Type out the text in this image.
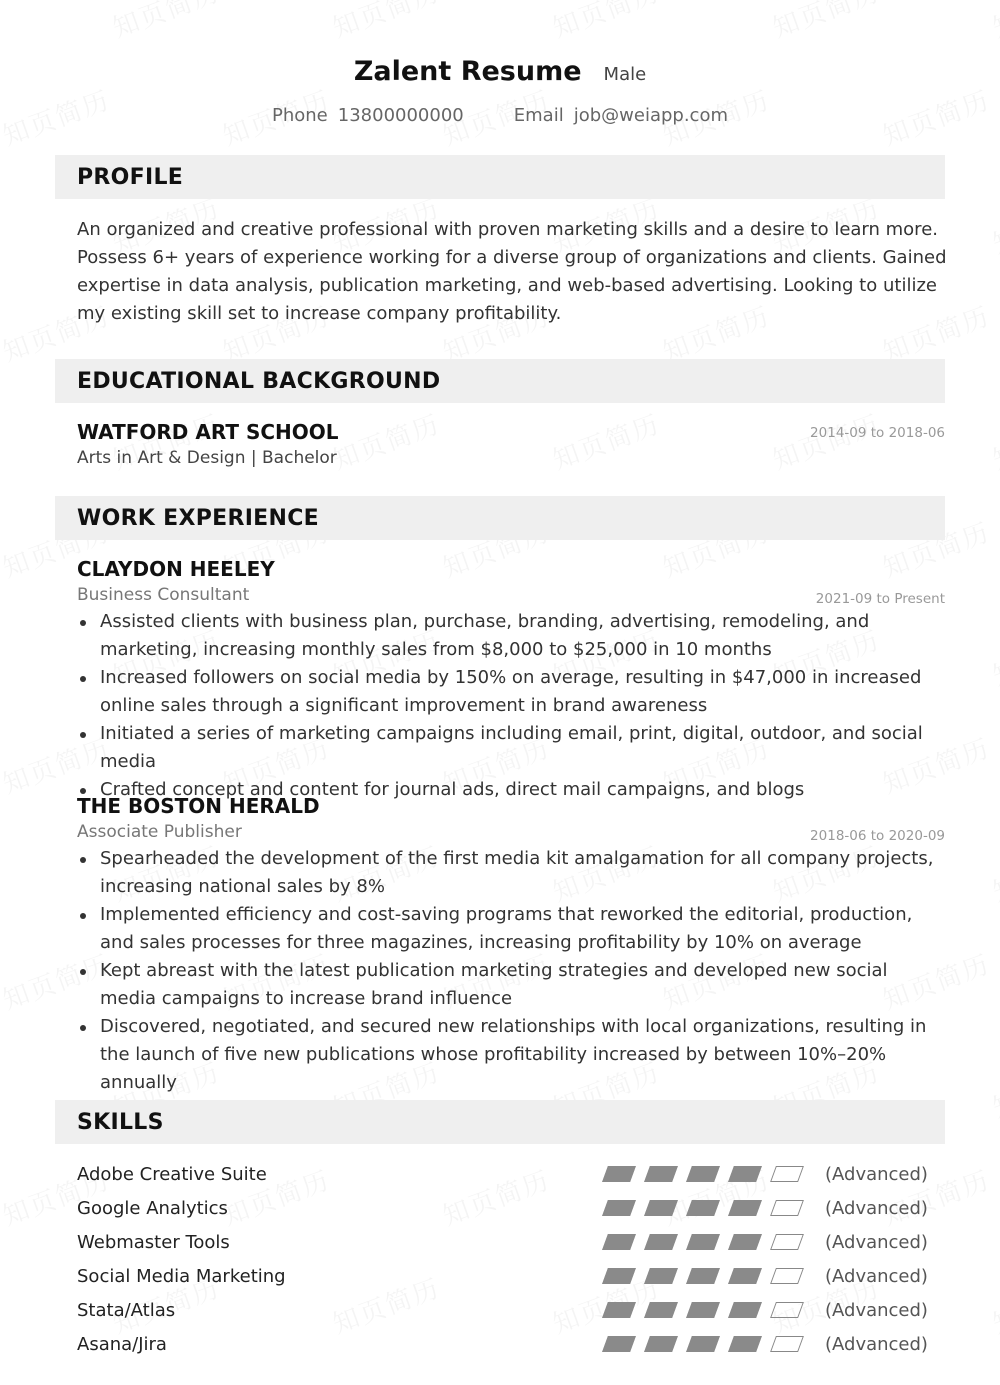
Zalent Resume Male
Phone 13800000000	Email job@weiapp.com
PROFILE
An organized and creative professional with proven marketing skills and a desire to learn more. Possess 6+ years of experience working for a diverse group of organizations and clients. Gained expertise in data analysis, publication marketing, and web-based advertising. Looking to utilize my existing skill set to increase company profitability.
EDUCATIONAL BACKGROUND
WATFORD ART SCHOOL	2014-09 to 2018-06
Arts in Art & Design | Bachelor
WORK EXPERIENCE
CLAYDON HEELEY
Business Consultant	2021-09 to Present
Assisted clients with business plan, purchase, branding, advertising, remodeling, and marketing, increasing monthly sales from $8,000 to $25,000 in 10 months
Increased followers on social media by 150% on average, resulting in $47,000 in increased online sales through a significant improvement in brand awareness
Initiated a series of marketing campaigns including email, print, digital, outdoor, and social media
Crafted concept and content for journal ads, direct mail campaigns, and blogs
THE BOSTON HERALD
Associate Publisher	2018-06 to 2020-09
Spearheaded the development of the first media kit amalgamation for all company projects, increasing national sales by 8%
Implemented efficiency and cost-saving programs that reworked the editorial, production, and sales processes for three magazines, increasing profitability by 10% on average
Kept abreast with the latest publication marketing strategies and developed new social media campaigns to increase brand influence
Discovered, negotiated, and secured new relationships with local organizations, resulting in the launch of five new publications whose profitability increased by between 10%–20% annually
SKILLS
Adobe Creative Suite	(Advanced)
Google Analytics	(Advanced)
Webmaster Tools	(Advanced)
Social Media Marketing	(Advanced)
Stata/Atlas	(Advanced)
Asana/Jira	(Advanced)
